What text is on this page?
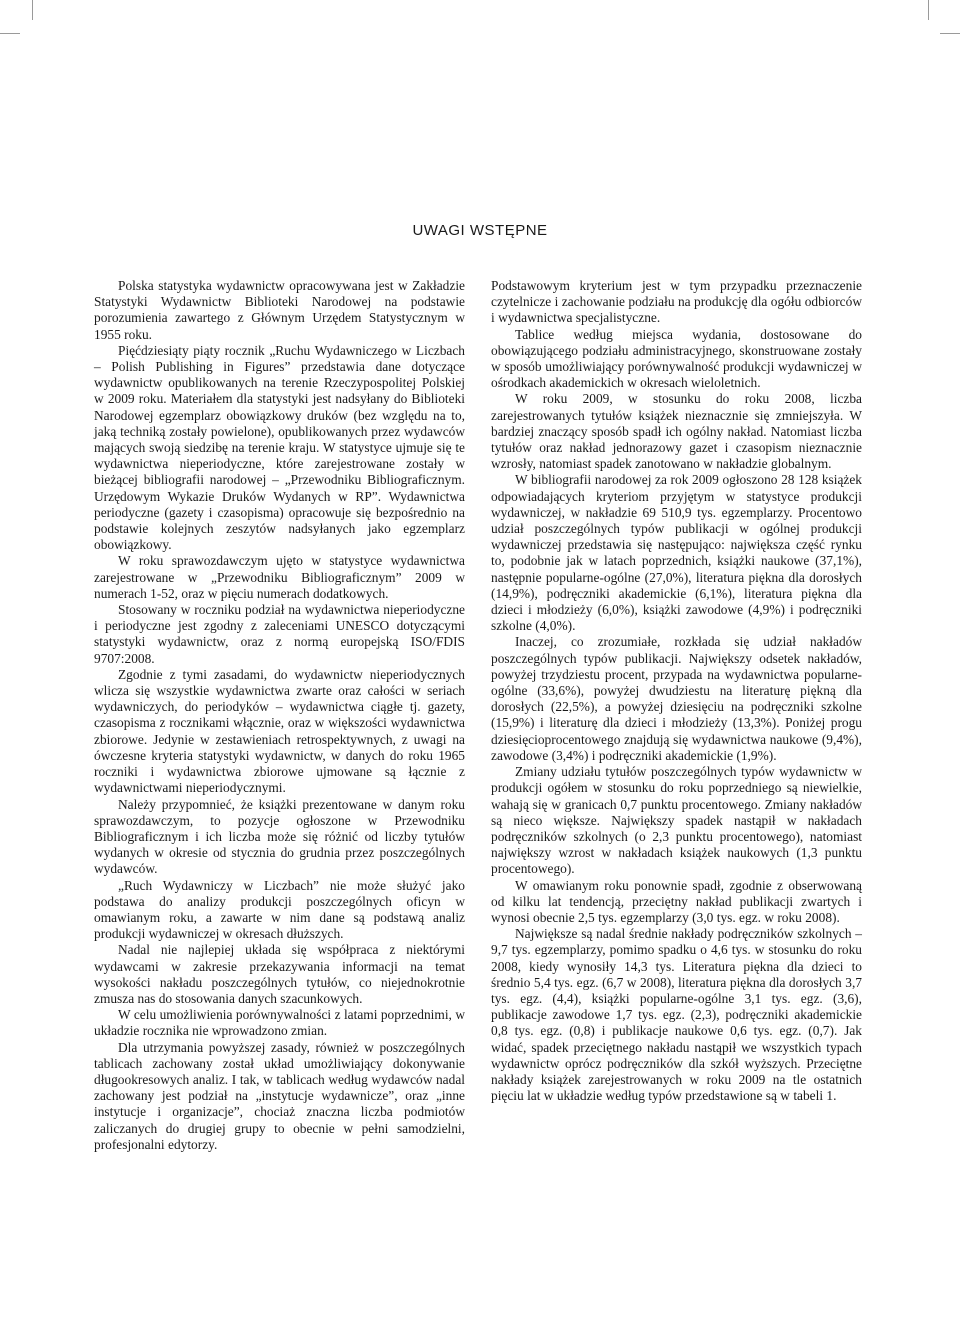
UWAGI WSTĘPNE

Polska statystyka wydawnictw opracowywana jest w Zakładzie Statystyki Wydawnictw Biblioteki Narodowej na podstawie porozumienia zawartego z Głównym Urzędem Statystycznym w 1955 roku.

Pięćdziesiąty piąty rocznik „Ruchu Wydawniczego w Liczbach – Polish Publishing in Figures” przedstawia dane dotyczące wydawnictw opublikowanych na terenie Rzeczypospolitej Polskiej w 2009 roku. Materiałem dla statystyki jest nadsyłany do Biblioteki Narodowej egzemplarz obowiązkowy druków (bez względu na to, jaką techniką zostały powielone), opublikowanych przez wydawców mających swoją siedzibę na terenie kraju. W statystyce ujmuje się te wydawnictwa nieperiodyczne, które zarejestrowane zostały w bieżącej bibliografii narodowej – „Przewodniku Bibliograficznym. Urzędowym Wykazie Druków Wydanych w RP”. Wydawnictwa periodyczne (gazety i czasopisma) opracowuje się bezpośrednio na podstawie kolejnych zeszytów nadsyłanych jako egzemplarz obowiązkowy.

W roku sprawozdawczym ujęto w statystyce wydawnictwa zarejestrowane w „Przewodniku Bibliograficznym” 2009 w numerach 1-52, oraz w pięciu numerach dodatkowych.

Stosowany w roczniku podział na wydawnictwa nieperiodyczne i periodyczne jest zgodny z zaleceniami UNESCO dotyczącymi statystyki wydawnictw, oraz z normą europejską ISO/FDIS 9707:2008.

Zgodnie z tymi zasadami, do wydawnictw nieperiodycznych wlicza się wszystkie wydawnictwa zwarte oraz całości w seriach wydawniczych, do periodyków – wydawnictwa ciągłe tj. gazety, czasopisma z rocznikami włącznie, oraz w większości wydawnictwa zbiorowe. Jedynie w zestawieniach retrospektywnych, z uwagi na ówczesne kryteria statystyki wydawnictw, w danych do roku 1965 roczniki i wydawnictwa zbiorowe ujmowane są łącznie z wydawnictwami nieperiodycznymi.

Należy przypomnieć, że książki prezentowane w danym roku sprawozdawczym, to pozycje ogłoszone w Przewodniku Bibliograficznym i ich liczba może się różnić od liczby tytułów wydanych w okresie od stycznia do grudnia przez poszczególnych wydawców.

„Ruch Wydawniczy w Liczbach” nie może służyć jako podstawa do analizy produkcji poszczególnych oficyn w omawianym roku, a zawarte w nim dane są podstawą analiz produkcji wydawniczej w okresach dłuższych.

Nadal nie najlepiej układa się współpraca z niektórymi wydawcami w zakresie przekazywania informacji na temat wysokości nakładu poszczególnych tytułów, co niejednokrotnie zmusza nas do stosowania danych szacunkowych.

W celu umożliwienia porównywalności z latami poprzednimi, w układzie rocznika nie wprowadzono zmian.

Dla utrzymania powyższej zasady, również w poszczególnych tablicach zachowany został układ umożliwiający dokonywanie długookresowych analiz. I tak, w tablicach według wydawców nadal zachowany jest podział na „instytucje wydawnicze”, oraz „inne instytucje i organizacje”, chociaż znaczna liczba podmiotów zaliczanych do drugiej grupy to obecnie w pełni samodzielni, profesjonalni edytorzy.

Podstawowym kryterium jest w tym przypadku przeznaczenie czytelnicze i zachowanie podziału na produkcję dla ogółu odbiorców i wydawnictwa specjalistyczne.

Tablice według miejsca wydania, dostosowane do obowiązującego podziału administracyjnego, skonstruowane zostały w sposób umożliwiający porównywalność produkcji wydawniczej w ośrodkach akademickich w okresach wieloletnich.

W roku 2009, w stosunku do roku 2008, liczba zarejestrowanych tytułów książek nieznacznie się zmniejszyła. W bardziej znaczący sposób spadł ich ogólny nakład. Natomiast liczba tytułów oraz nakład jednorazowy gazet i czasopism nieznacznie wzrosły, natomiast spadek zanotowano w nakładzie globalnym.

W bibliografii narodowej za rok 2009 ogłoszono 28 128 książek odpowiadających kryteriom przyjętym w statystyce produkcji wydawniczej, w nakładzie 69 510,9 tys. egzemplarzy. Procentowo udział poszczególnych typów publikacji w ogólnej produkcji wydawniczej przedstawia się następująco: największa część rynku to, podobnie jak w latach poprzednich, książki naukowe (37,1%), następnie popularne-ogólne (27,0%), literatura piękna dla dorosłych (14,9%), podręczniki akademickie (6,1%), literatura piękna dla dzieci i młodzieży (6,0%), książki zawodowe (4,9%) i podręczniki szkolne (4,0%).

Inaczej, co zrozumiałe, rozkłada się udział nakładów poszczególnych typów publikacji. Największy odsetek nakładów, powyżej trzydziestu procent, przypada na wydawnictwa popularne-ogólne (33,6%), powyżej dwudziestu na literaturę piękną dla dorosłych (22,5%), a powyżej dziesięciu na podręczniki szkolne (15,9%) i literaturę dla dzieci i młodzieży (13,3%). Poniżej progu dziesięcioprocentowego znajdują się wydawnictwa naukowe (9,4%), zawodowe (3,4%) i podręczniki akademickie (1,9%).

Zmiany udziału tytułów poszczególnych typów wydawnictw w produkcji ogółem w stosunku do roku poprzedniego są niewielkie, wahają się w granicach 0,7 punktu procentowego. Zmiany nakładów są nieco większe. Największy spadek nastąpił w nakładach podręczników szkolnych (o 2,3 punktu procentowego), natomiast największy wzrost w nakładach książek naukowych (1,3 punktu procentowego).

W omawianym roku ponownie spadł, zgodnie z obserwowaną od kilku lat tendencją, przeciętny nakład publikacji zwartych i wynosi obecnie 2,5 tys. egzemplarzy (3,0 tys. egz. w roku 2008).

Największe są nadal średnie nakłady podręczników szkolnych – 9,7 tys. egzemplarzy, pomimo spadku o 4,6 tys. w stosunku do roku 2008, kiedy wynosiły 14,3 tys. Literatura piękna dla dzieci to średnio 5,4 tys. egz. (6,7 w 2008), literatura piękna dla dorosłych 3,7 tys. egz. (4,4), książki popularne-ogólne 3,1 tys. egz. (3,6), publikacje zawodowe 1,7 tys. egz. (2,3), podręczniki akademickie 0,8 tys. egz. (0,8) i publikacje naukowe 0,6 tys. egz. (0,7). Jak widać, spadek przeciętnego nakładu nastąpił we wszystkich typach wydawnictw oprócz podręczników dla szkół wyższych. Przeciętne nakłady książek zarejestrowanych w roku 2009 na tle ostatnich pięciu lat w układzie według typów przedstawione są w tabeli 1.
